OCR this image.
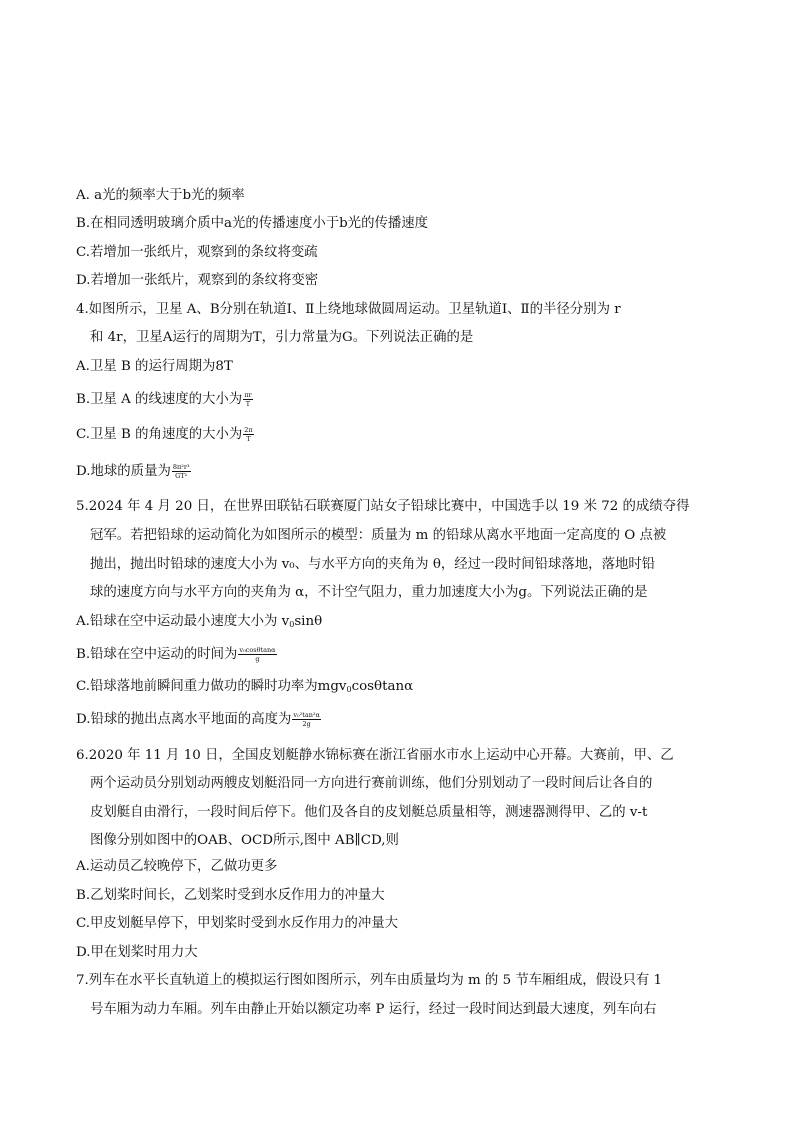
A. a光的频率大于b光的频率
B.在相同透明玻璃介质中a光的传播速度小于b光的传播速度
C.若增加一张纸片，观察到的条纹将变疏
D.若增加一张纸片，观察到的条纹将变密
4.如图所示，卫星 A、B分别在轨道Ⅰ、Ⅱ上绕地球做圆周运动。卫星轨道Ⅰ、Ⅱ的半径分别为 r
和 4r，卫星A运行的周期为T，引力常量为G。下列说法正确的是
A.卫星 B 的运行周期为8T
B.卫星 A 的线速度的大小为 $\frac{\pi r}{T}$
C.卫星 B 的角速度的大小为 $\frac{2\pi}{T}$
D.地球的质量为 $\frac{\text{8π²r³}}{\text{GT²}}$
5.2024 年 4 月 20 日，在世界田联钻石联赛厦门站女子铅球比赛中，中国选手以 19 米 72 的成绩夺得
冠军。若把铅球的运动简化为如图所示的模型：质量为 m 的铅球从离水平地面一定高度的 O 点被
抛出，抛出时铅球的速度大小为 v₀、与水平方向的夹角为 θ，经过一段时间铅球落地，落地时铅
球的速度方向与水平方向的夹角为 α，不计空气阻力，重力加速度大小为g。下列说法正确的是
A.铅球在空中运动最小速度大小为 $v_0\sin\theta$
B.铅球在空中运动的时间为 $\frac{\text{v₀cosθtanα}}{g}$
C.铅球落地前瞬间重力做功的瞬时功率为mgv$_0$cosθtanα
D.铅球的抛出点离水平地面的高度为 $\frac{\text{v₀²tan²α}}{2g}$
6.2020 年 11 月 10 日，全国皮划艇静水锦标赛在浙江省丽水市水上运动中心开幕。大赛前，甲、乙
两个运动员分别划动两艘皮划艇沿同一方向进行赛前训练，他们分别划动了一段时间后让各自的
皮划艇自由滑行，一段时间后停下。他们及各自的皮划艇总质量相等，测速器测得甲、乙的 v-t
图像分别如图中的OAB、OCD所示,图中 AB∥CD,则
A.运动员乙较晚停下，乙做功更多
B.乙划桨时间长，乙划桨时受到水反作用力的冲量大
C.甲皮划艇早停下，甲划桨时受到水反作用力的冲量大
D.甲在划桨时用力大
7.列车在水平长直轨道上的模拟运行图如图所示，列车由质量均为 m 的 5 节车厢组成，假设只有 1
号车厢为动力车厢。列车由静止开始以额定功率 P 运行，经过一段时间达到最大速度，列车向右
